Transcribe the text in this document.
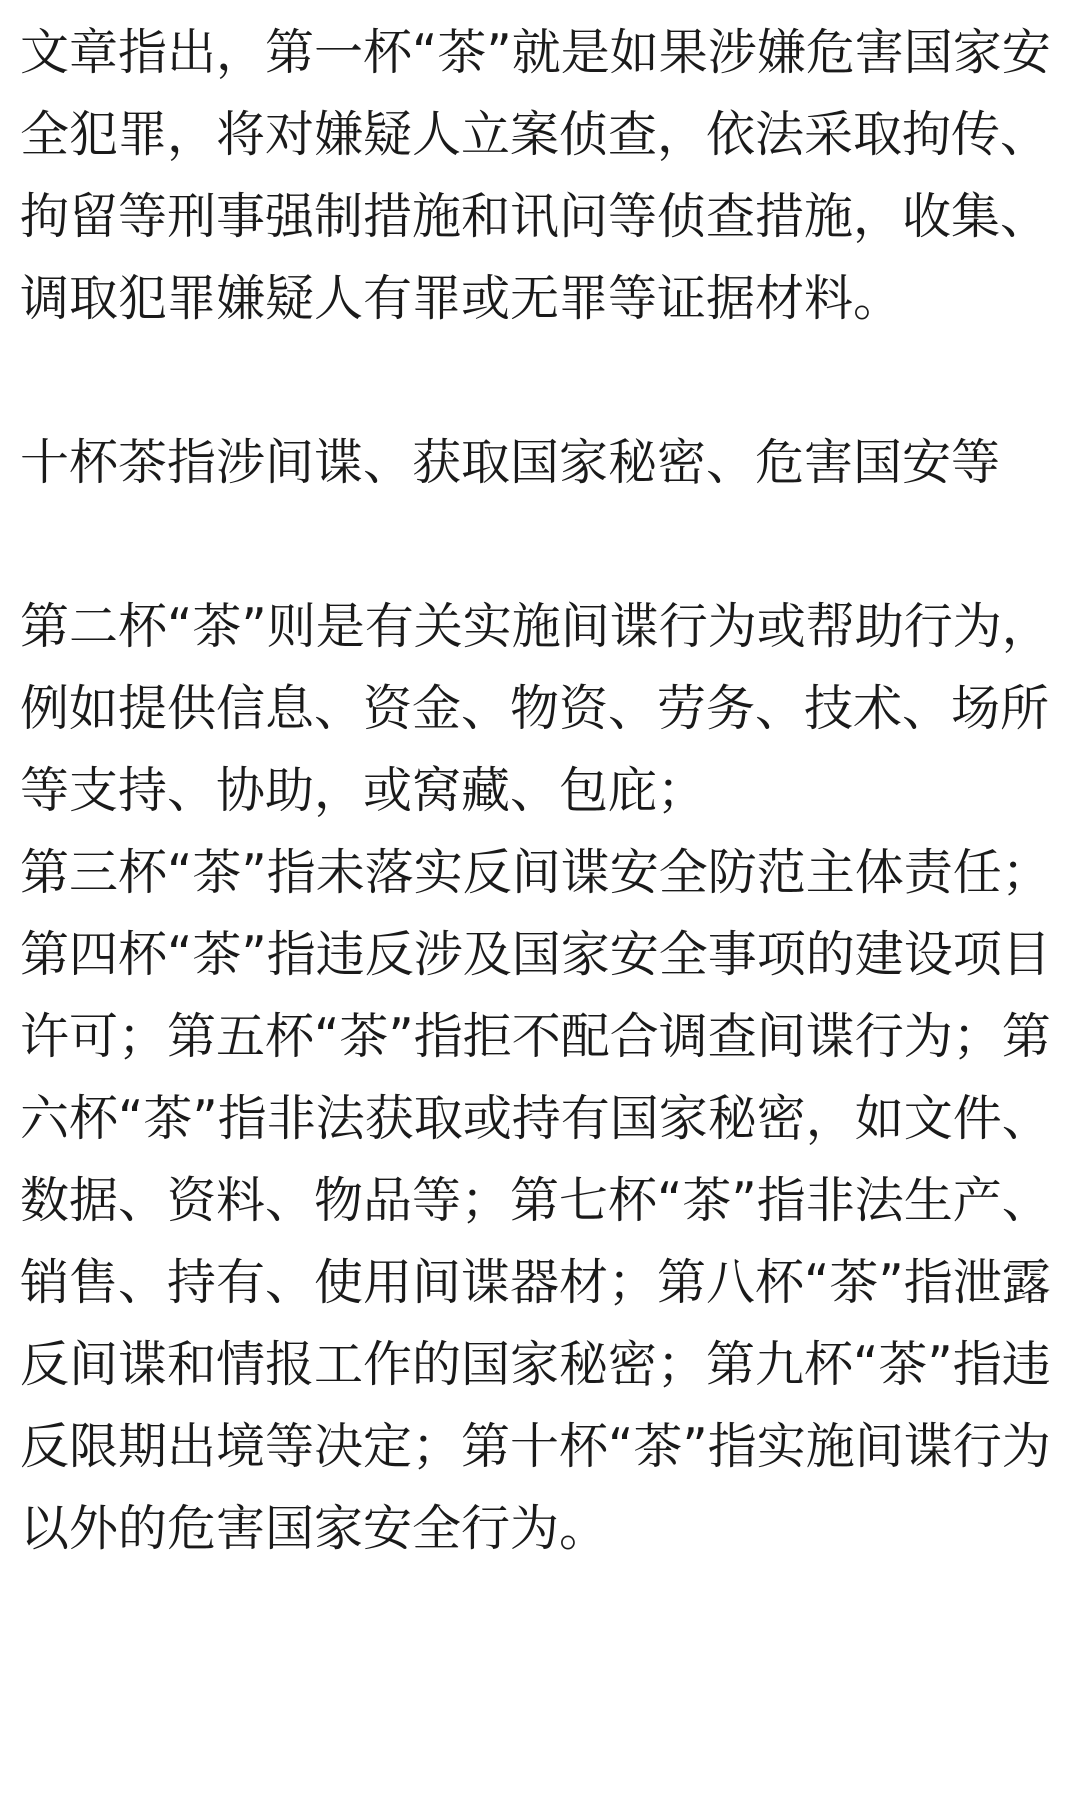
文章指出，第一杯“茶”就是如果涉嫌危害国家安全犯罪，将对嫌疑人立案侦查，依法采取拘传、拘留等刑事强制措施和讯问等侦查措施，收集、调取犯罪嫌疑人有罪或无罪等证据材料。

十杯茶指涉间谍、获取国家秘密、危害国安等

第二杯“茶”则是有关实施间谍行为或帮助行为，例如提供信息、资金、物资、劳务、技术、场所等支持、协助，或窝藏、包庇；

第三杯“茶”指未落实反间谍安全防范主体责任；第四杯“茶”指违反涉及国家安全事项的建设项目许可；第五杯“茶”指拒不配合调查间谍行为；第六杯“茶”指非法获取或持有国家秘密，如文件、数据、资料、物品等；第七杯“茶”指非法生产、销售、持有、使用间谍器材；第八杯“茶”指泄露反间谍和情报工作的国家秘密；第九杯“茶”指违反限期出境等决定；第十杯“茶”指实施间谍行为以外的危害国家安全行为。
